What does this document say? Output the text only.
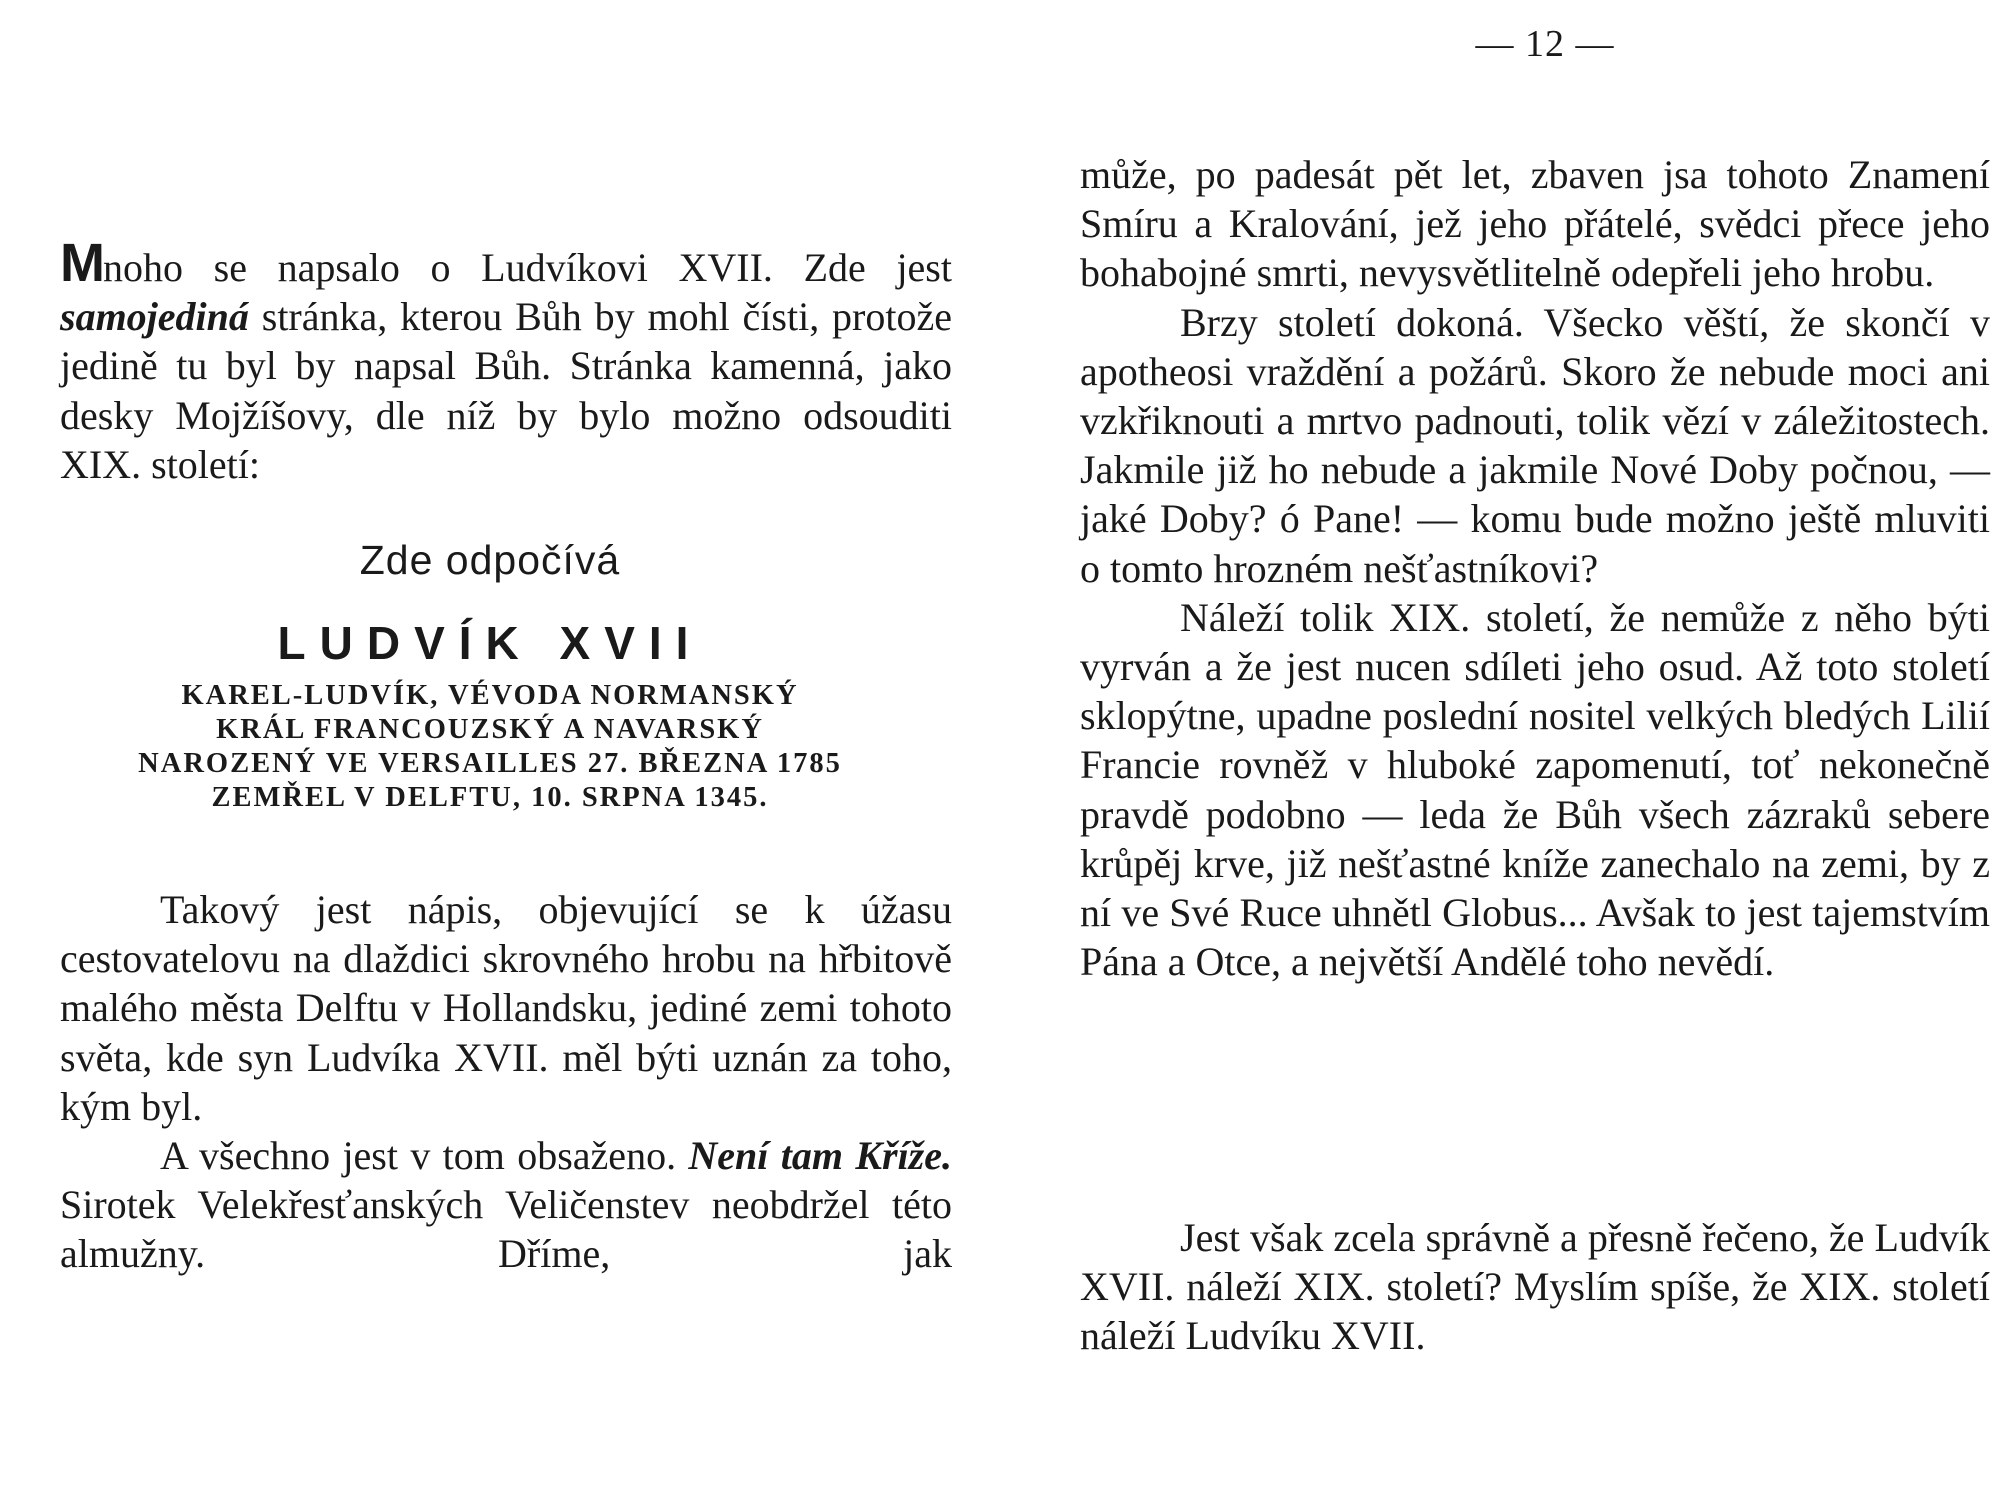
— 12 —

Mnoho se napsalo o Ludvíkovi XVII. Zde jest samojediná stránka, kterou Bůh by mohl čísti, protože jedině tu byl by napsal Bůh. Stránka kamenná, jako desky Mojžíšovy, dle níž by bylo možno odsouditi XIX. století:

Zde odpočívá
LUDVÍK XVII
KAREL-LUDVÍK, VÉVODA NORMANSKÝ
KRÁL FRANCOUZSKÝ A NAVARSKÝ
NAROZENÝ VE VERSAILLES 27. BŘEZNA 1785
ZEMŘEL V DELFTU, 10. SRPNA 1345.

Takový jest nápis, objevující se k úžasu cestovatelovu na dlaždici skrovného hrobu na hřbitově malého města Delftu v Hollandsku, jediné zemi tohoto světa, kde syn Ludvíka XVII. měl býti uznán za toho, kým byl.

A všechno jest v tom obsaženo. Není tam Kříže. Sirotek Velekřesťanských Veličenstev neobdržel této almužny. Dříme, jak

může, po padesát pět let, zbaven jsa tohoto Znamení Smíru a Kralování, jež jeho přátelé, svědci přece jeho bohabojné smrti, nevysvětlitelně odepřeli jeho hrobu.

Brzy století dokoná. Všecko věští, že skončí v apotheosi vraždění a požárů. Skoro že nebude moci ani vzkřiknouti a mrtvo padnouti, tolik vězí v záležitostech. Jakmile již ho nebude a jakmile Nové Doby počnou, — jaké Doby? ó Pane! — komu bude možno ještě mluviti o tomto hrozném nešťastníkovi?

Náleží tolik XIX. století, že nemůže z něho býti vyrván a že jest nucen sdíleti jeho osud. Až toto století sklopýtne, upadne poslední nositel velkých bledých Lilií Francie rovněž v hluboké zapomenutí, toť nekonečně pravdě podobno — leda že Bůh všech zázraků sebere krůpěj krve, již nešťastné kníže zanechalo na zemi, by z ní ve Své Ruce uhnětl Globus... Avšak to jest tajemstvím Pána a Otce, a největší Andělé toho nevědí.

Jest však zcela správně a přesně řečeno, že Ludvík XVII. náleží XIX. století? Myslím spíše, že XIX. století náleží Ludvíku XVII.
